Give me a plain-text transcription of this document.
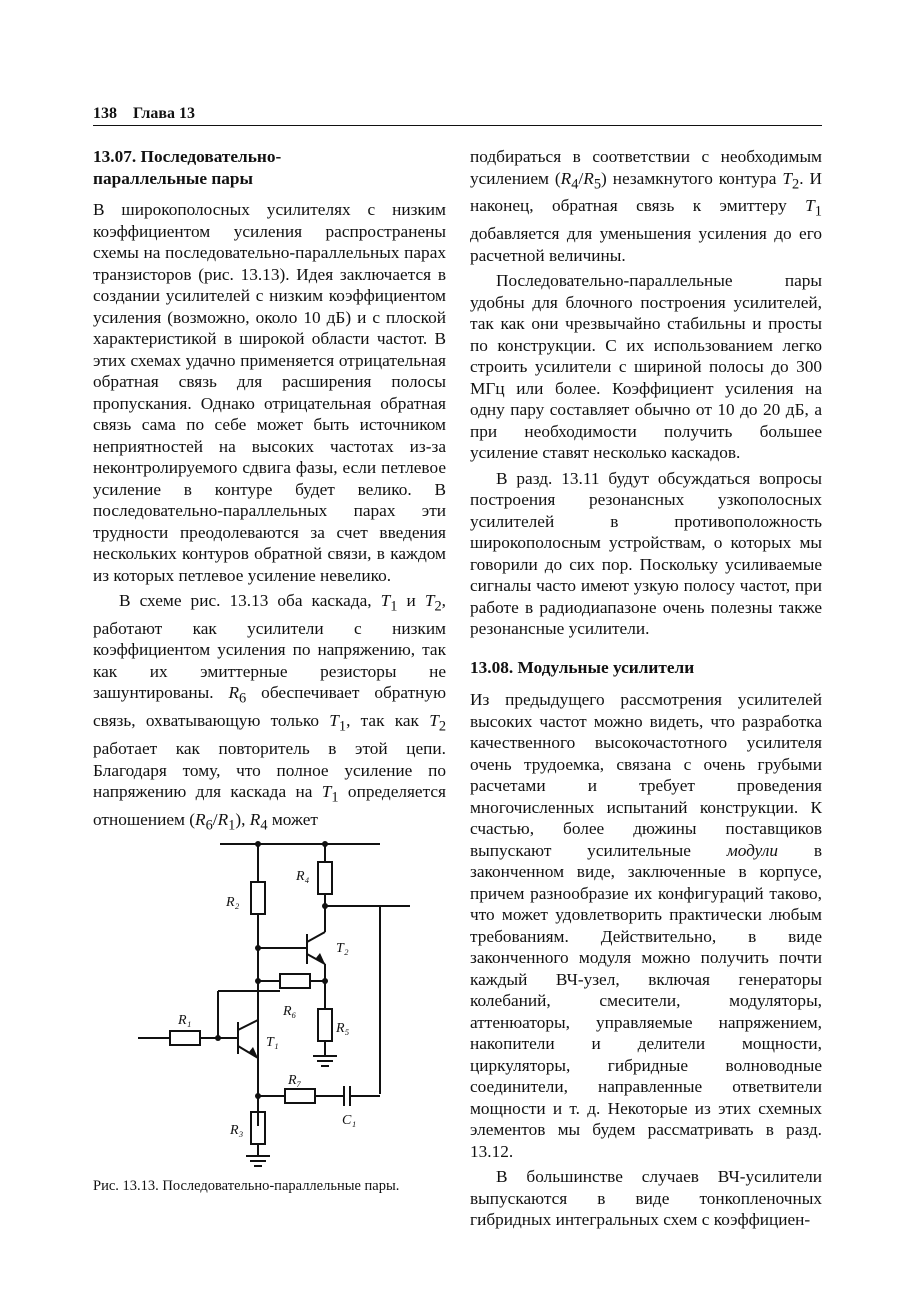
138 Глава 13
13.07. Последовательно-
параллельные пары

В широкополосных усилителях с низким коэффициентом усиления распространены схемы на последовательно-параллельных парах транзисторов (рис. 13.13). Идея заключается в создании усилителей с низким коэффициентом усиления (возможно, около 10 дБ) и с плоской характеристикой в широкой области частот. В этих схемах удачно применяется отрицательная обратная связь для расширения полосы пропускания. Однако отрицательная обратная связь сама по себе может быть источником неприятностей на высоких частотах из-за неконтролируемого сдвига фазы, если петлевое усиление в контуре будет велико. В последовательно-параллельных парах эти трудности преодолеваются за счет введения нескольких контуров обратной связи, в каждом из которых петлевое усиление невелико.

В схеме рис. 13.13 оба каскада, $T_1$ и $T_2$, работают как усилители с низким коэффициентом усиления по напряжению, так как их эмиттерные резисторы не зашунтированы. $R_6$ обеспечивает обратную связь, охватывающую только $T_1$, так как $T_2$ работает как повторитель в этой цепи. Благодаря тому, что полное усиление по напряжению для каскада на $T_1$ определяется отношением $(R_6/R_1)$, $R_4$ может

R₂
R₄
T₂
R₆
R₅
R₁
T₁
R₇
C₁
R₃
Рис. 13.13. Последовательно-параллельные пары.

подбираться в соответствии с необходимым усилением $(R_4/R_5)$ незамкнутого контура $T_2$. И наконец, обратная связь к эмиттеру $T_1$ добавляется для уменьшения усиления до его расчетной величины.

Последовательно-параллельные пары удобны для блочного построения усилителей, так как они чрезвычайно стабильны и просты по конструкции. С их использованием легко строить усилители с шириной полосы до 300 МГц или более. Коэффициент усиления на одну пару составляет обычно от 10 до 20 дБ, а при необходимости получить большее усиление ставят несколько каскадов.

В разд. 13.11 будут обсуждаться вопросы построения резонансных узкополосных усилителей в противоположность широкополосным устройствам, о которых мы говорили до сих пор. Поскольку усиливаемые сигналы часто имеют узкую полосу частот, при работе в радиодиапазоне очень полезны также резонансные усилители.

13.08. Модульные усилители

Из предыдущего рассмотрения усилителей высоких частот можно видеть, что разработка качественного высокочастотного усилителя очень трудоемка, связана с очень грубыми расчетами и требует проведения многочисленных испытаний конструкции. К счастью, более дюжины поставщиков выпускают усилительные модули в законченном виде, заключенные в корпусе, причем разнообразие их конфигураций таково, что может удовлетворить практически любым требованиям. Действительно, в виде законченного модуля можно получить почти каждый ВЧ-узел, включая генераторы колебаний, смесители, модуляторы, аттенюаторы, управляемые напряжением, накопители и делители мощности, циркуляторы, гибридные волноводные соединители, направленные ответвители мощности и т. д. Некоторые из этих схемных элементов мы будем рассматривать в разд. 13.12.

В большинстве случаев ВЧ-усилители выпускаются в виде тонкопленочных гибридных интегральных схем с коэффициен-
